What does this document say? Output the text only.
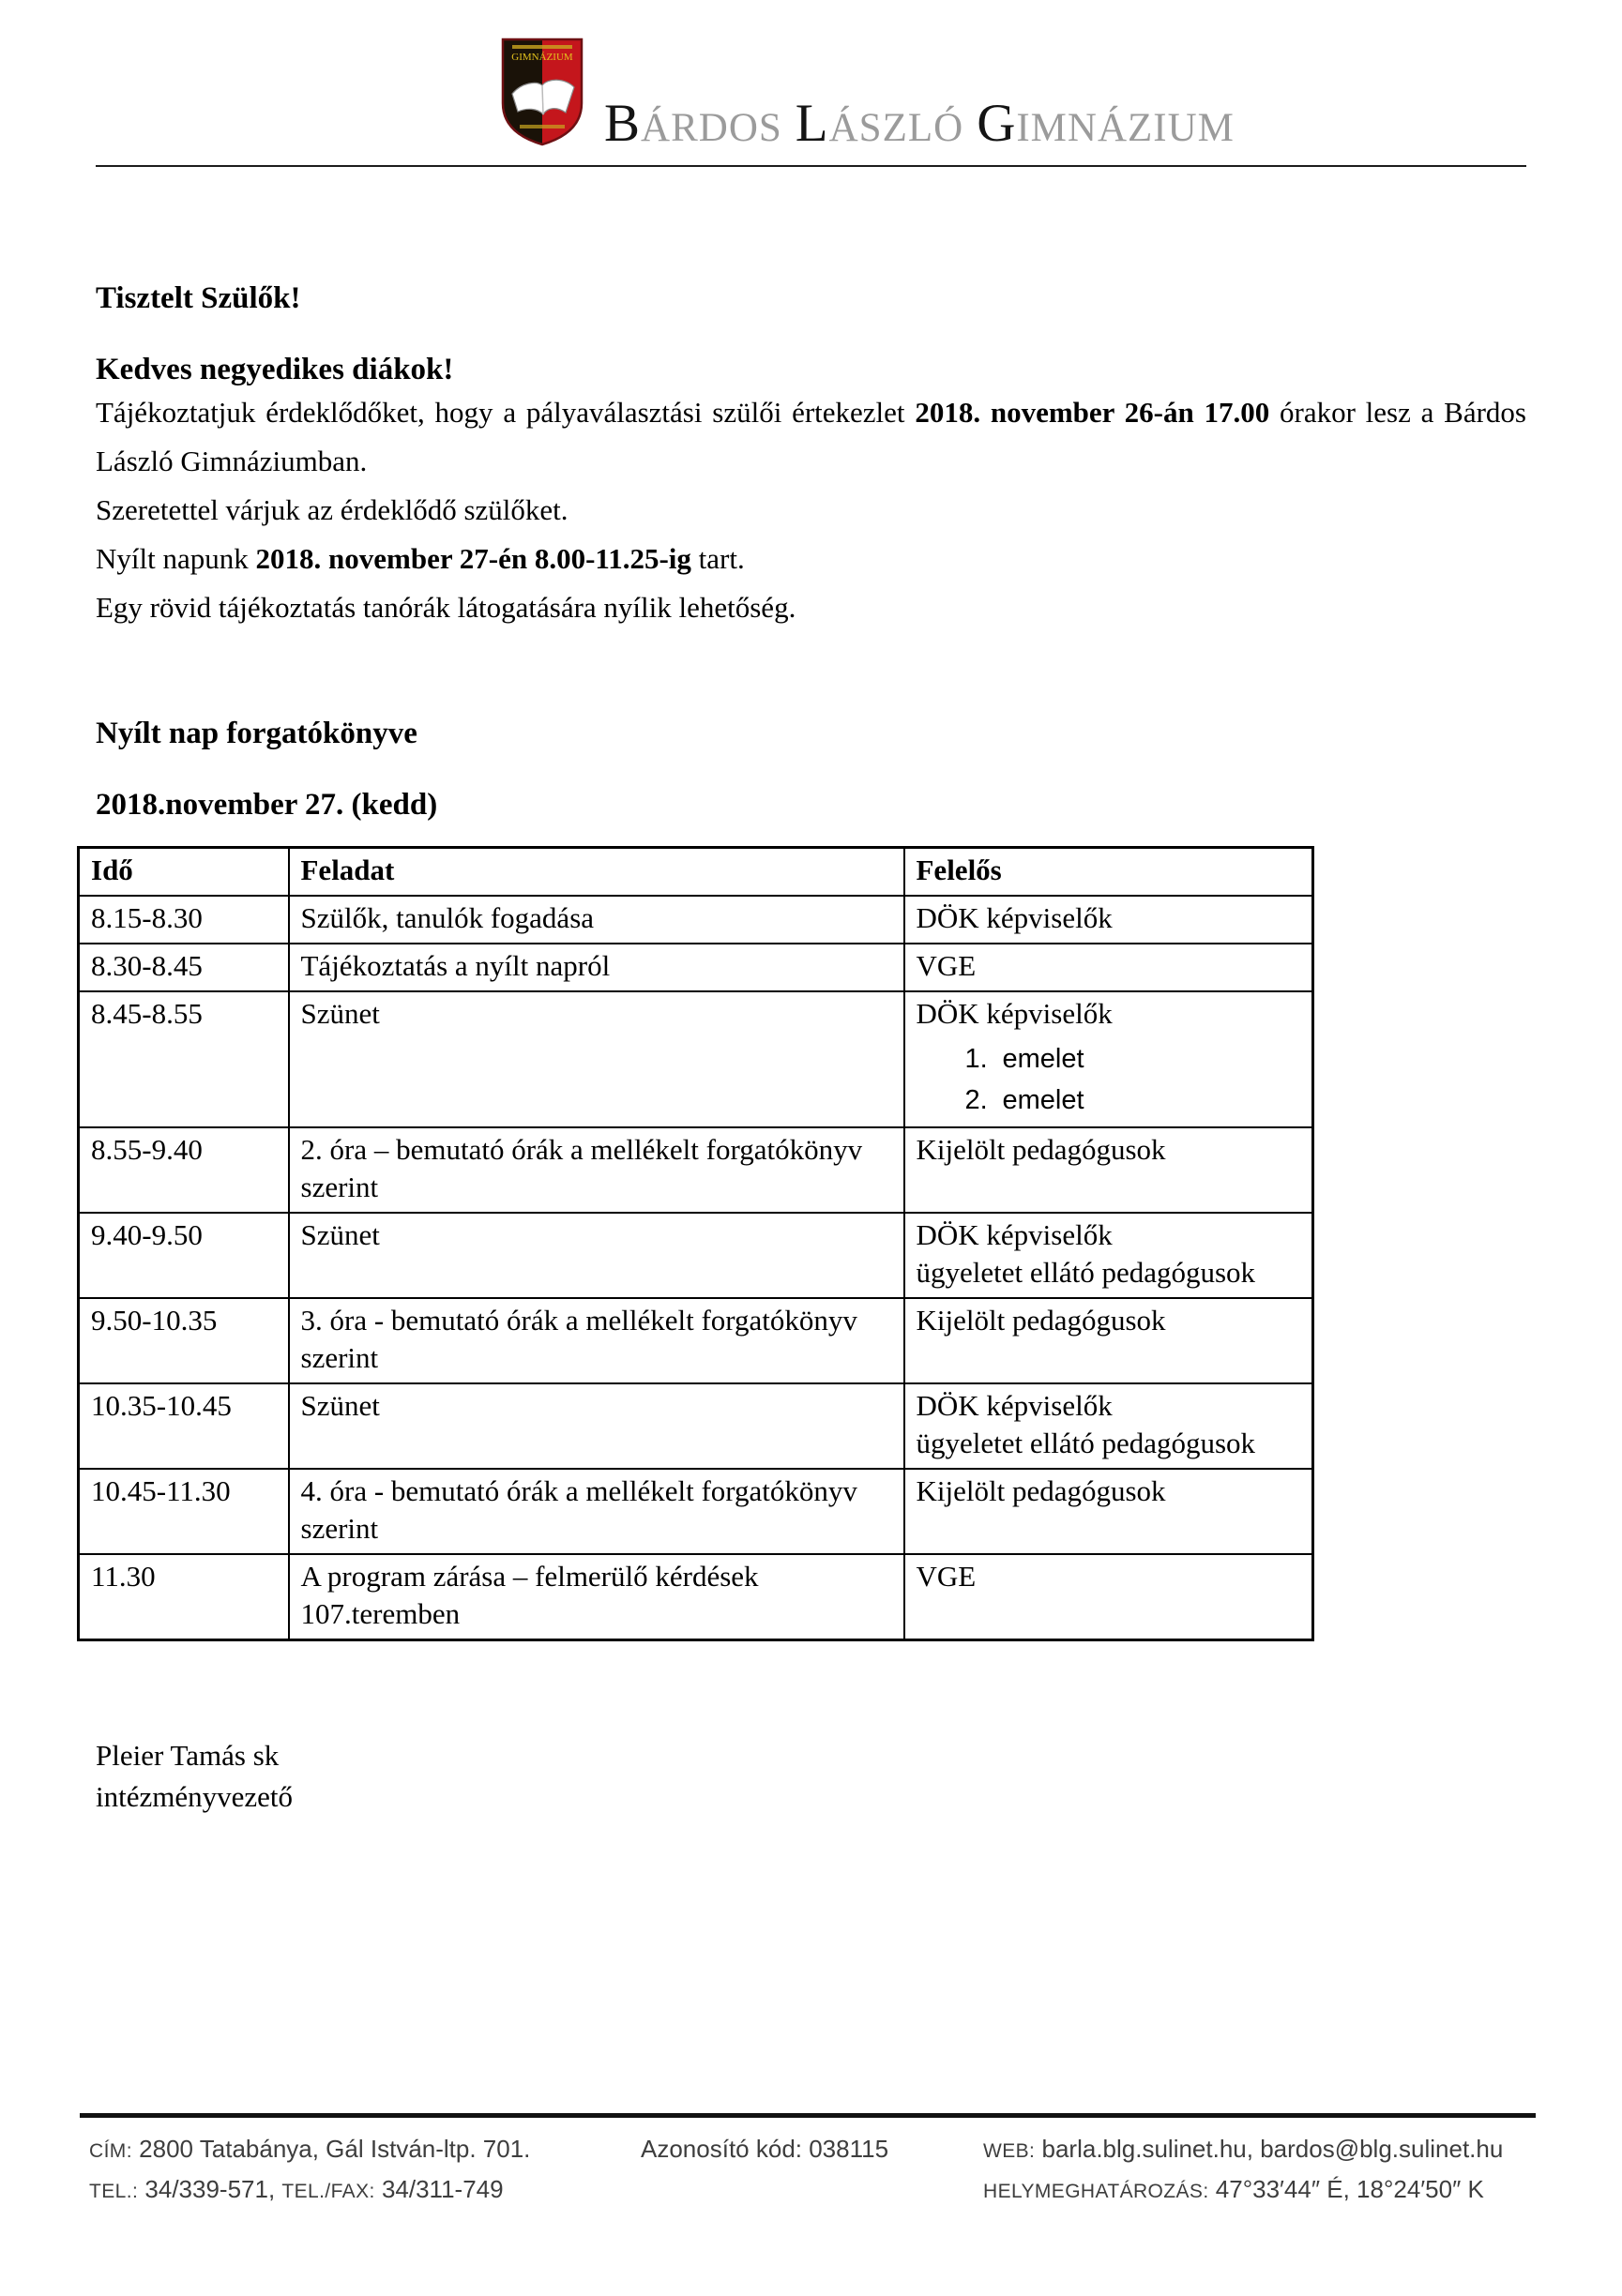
GIMNÁZIUM
BÁRDOS LÁSZLÓ GIMNÁZIUM

Tisztelt Szülők!

Kedves negyedikes diákok!

Tájékoztatjuk érdeklődőket, hogy a pályaválasztási szülői értekezlet 2018. november 26-án 17.00 órakor lesz a Bárdos László Gimnáziumban.

Szeretettel várjuk az érdeklődő szülőket.

Nyílt napunk 2018. november 27-én 8.00-11.25-ig tart.

Egy rövid tájékoztatás tanórák látogatására nyílik lehetőség.

Nyílt nap forgatókönyve

2018.november 27. (kedd)

Idő	Feladat	Felelős
8.15-8.30	Szülők, tanulók fogadása	DÖK képviselők
8.30-8.45	Tájékoztatás a nyílt napról	VGE
8.45-8.55	Szünet	DÖK képviselők
1. emelet
2. emelet

8.55-9.40	2. óra – bemutató órák a mellékelt forgatókönyv szerint	Kijelölt pedagógusok
9.40-9.50	Szünet	DÖK képviselők
ügyeletet ellátó pedagógusok

9.50-10.35	3. óra - bemutató órák a mellékelt forgatókönyv szerint	Kijelölt pedagógusok
10.35-10.45	Szünet	DÖK képviselők
ügyeletet ellátó pedagógusok

10.45-11.30	4. óra - bemutató órák a mellékelt forgatókönyv szerint	Kijelölt pedagógusok
11.30	A program zárása – felmerülő kérdések 107.teremben	VGE
Pleier Tamás sk
intézményvezető
CÍM: 2800 Tatabánya, Gál István-ltp. 701.
TEL.: 34/339-571, TEL./FAX: 34/311-749
Azonosító kód: 038115	WEB: barla.blg.sulinet.hu, bardos@blg.sulinet.hu
HELYMEGHATÁROZÁS: 47°33′44″ É, 18°24′50″ K
